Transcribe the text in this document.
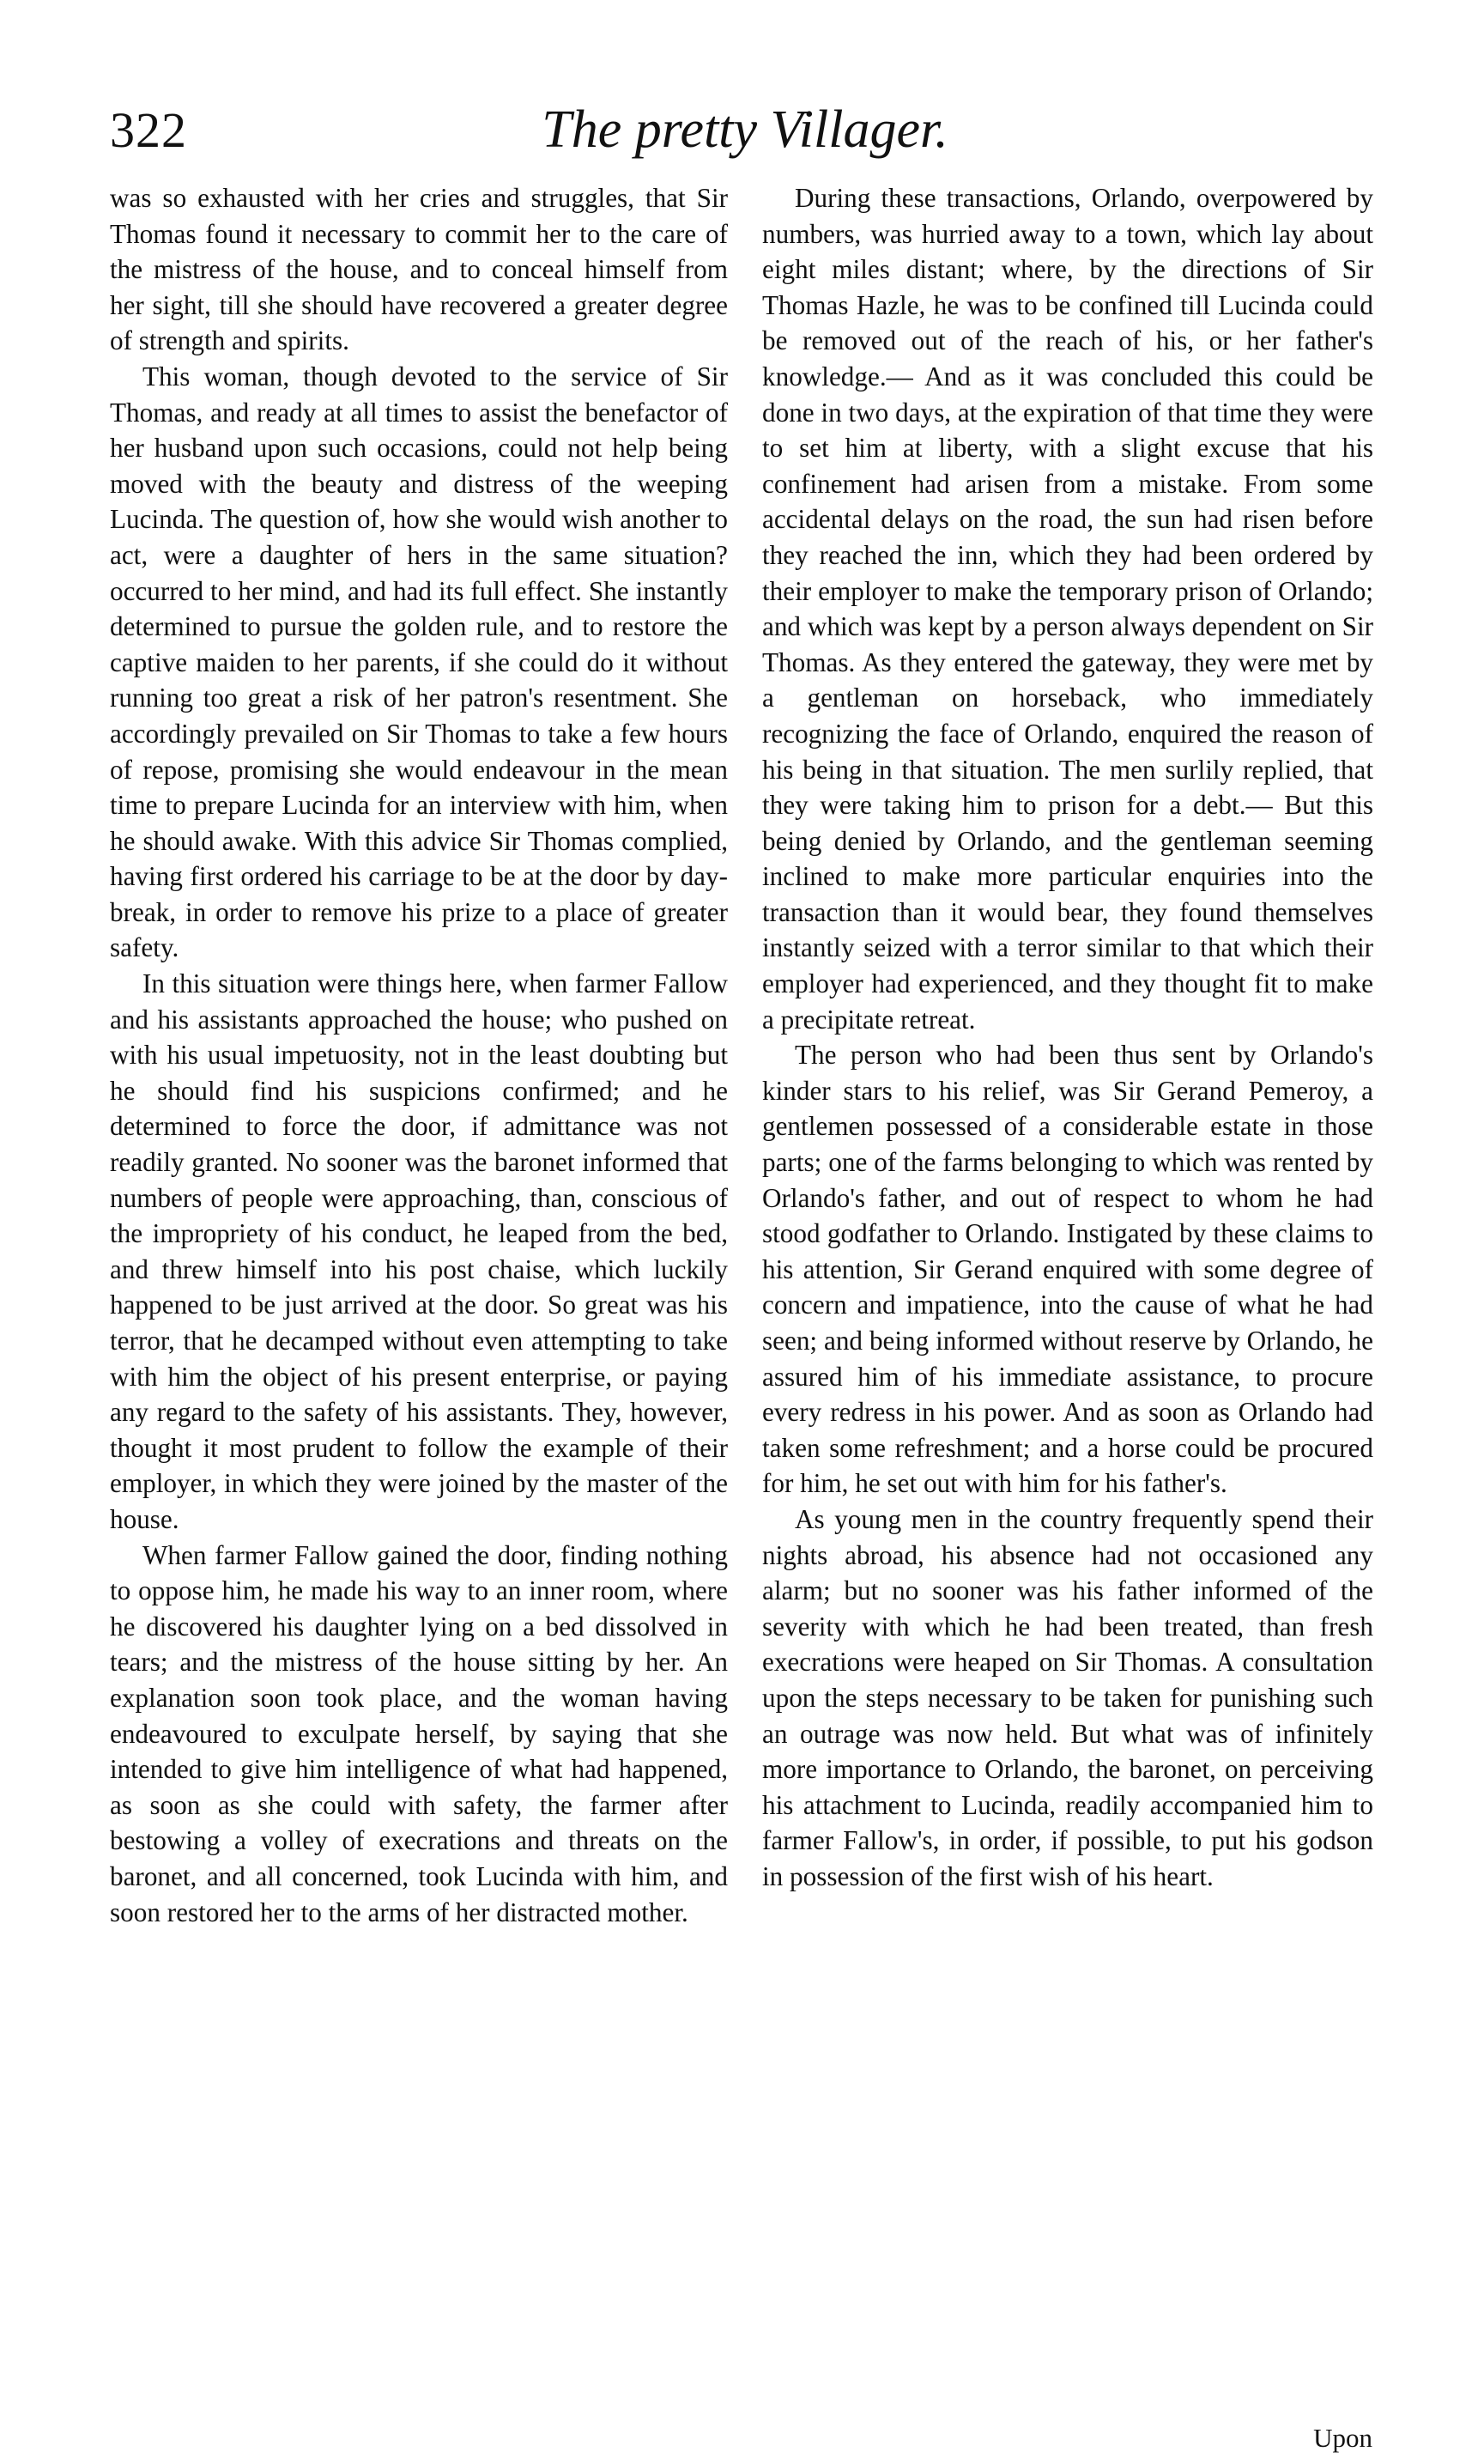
322	The pretty Villager.

was so exhausted with her cries and struggles, that Sir Thomas found it necessary to commit her to the care of the mistress of the house, and to conceal himself from her sight, till she should have recovered a greater degree of strength and spirits.

This woman, though devoted to the service of Sir Thomas, and ready at all times to assist the benefactor of her husband upon such occasions, could not help being moved with the beauty and distress of the weeping Lucinda. The question of, how she would wish another to act, were a daughter of hers in the same situation? occurred to her mind, and had its full effect. She instantly determined to pursue the golden rule, and to restore the captive maiden to her parents, if she could do it without running too great a risk of her patron's resentment. She accordingly prevailed on Sir Thomas to take a few hours of repose, promising she would endeavour in the mean time to prepare Lucinda for an interview with him, when he should awake. With this advice Sir Thomas complied, having first ordered his carriage to be at the door by day-break, in order to remove his prize to a place of greater safety.

In this situation were things here, when farmer Fallow and his assistants approached the house; who pushed on with his usual impetuosity, not in the least doubting but he should find his suspicions confirmed; and he determined to force the door, if admittance was not readily granted. No sooner was the baronet informed that numbers of people were approaching, than, conscious of the impropriety of his conduct, he leaped from the bed, and threw himself into his post chaise, which luckily happened to be just arrived at the door. So great was his terror, that he decamped without even attempting to take with him the object of his present enterprise, or paying any regard to the safety of his assistants. They, however, thought it most prudent to follow the example of their employer, in which they were joined by the master of the house.

When farmer Fallow gained the door, finding nothing to oppose him, he made his way to an inner room, where he discovered his daughter lying on a bed dissolved in tears; and the mistress of the house sitting by her. An explanation soon took place, and the woman having endeavoured to exculpate herself, by saying that she intended to give him intelligence of what had happened, as soon as she could with safety, the farmer after bestowing a volley of execrations and threats on the baronet, and all concerned, took Lucinda with him, and soon restored her to the arms of her distracted mother.

During these transactions, Orlando, overpowered by numbers, was hurried away to a town, which lay about eight miles distant; where, by the directions of Sir Thomas Hazle, he was to be confined till Lucinda could be removed out of the reach of his, or her father's knowledge.— And as it was concluded this could be done in two days, at the expiration of that time they were to set him at liberty, with a slight excuse that his confinement had arisen from a mistake. From some accidental delays on the road, the sun had risen before they reached the inn, which they had been ordered by their employer to make the temporary prison of Orlando; and which was kept by a person always dependent on Sir Thomas. As they entered the gateway, they were met by a gentleman on horseback, who immediately recognizing the face of Orlando, enquired the reason of his being in that situation. The men surlily replied, that they were taking him to prison for a debt.— But this being denied by Orlando, and the gentleman seeming inclined to make more particular enquiries into the transaction than it would bear, they found themselves instantly seized with a terror similar to that which their employer had experienced, and they thought fit to make a precipitate retreat.

The person who had been thus sent by Orlando's kinder stars to his relief, was Sir Gerand Pemeroy, a gentlemen possessed of a considerable estate in those parts; one of the farms belonging to which was rented by Orlando's father, and out of respect to whom he had stood godfather to Orlando. Instigated by these claims to his attention, Sir Gerand enquired with some degree of concern and impatience, into the cause of what he had seen; and being informed without reserve by Orlando, he assured him of his immediate assistance, to procure every redress in his power. And as soon as Orlando had taken some refreshment; and a horse could be procured for him, he set out with him for his father's.

As young men in the country frequently spend their nights abroad, his absence had not occasioned any alarm; but no sooner was his father informed of the severity with which he had been treated, than fresh execrations were heaped on Sir Thomas. A consultation upon the steps necessary to be taken for punishing such an outrage was now held. But what was of infinitely more importance to Orlando, the baronet, on perceiving his attachment to Lucinda, readily accompanied him to farmer Fallow's, in order, if possible, to put his godson in possession of the first wish of his heart.

Upon
